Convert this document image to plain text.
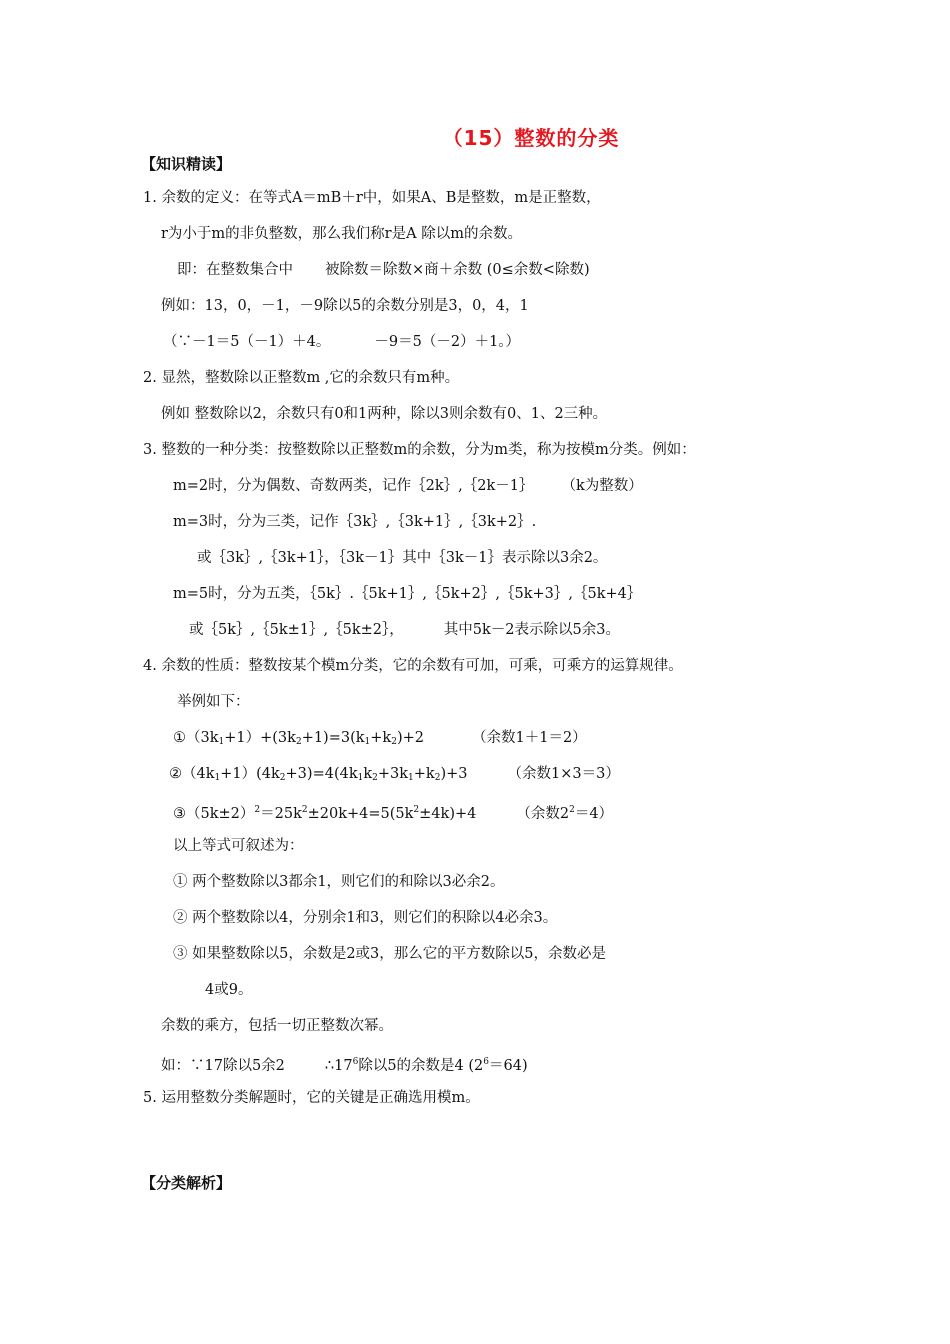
（15）整数的分类
【知识精读】
1. 余数的定义：在等式A＝mB＋r中，如果A、B是整数，m是正整数，
r为小于m的非负整数，那么我们称r是A 除以m的余数。
即：在整数集合中 被除数＝除数×商＋余数 (0≤余数<除数)
例如：13，0，－1，－9除以5的余数分别是3，0，4，1
（∵－1＝5（－1）＋4。	－9＝5（－2）＋1。）
2. 显然，整数除以正整数m ,它的余数只有m种。
例如 整数除以2，余数只有0和1两种，除以3则余数有0、1、2三种。
3. 整数的一种分类：按整数除以正整数m的余数，分为m类，称为按模m分类。例如：
m=2时，分为偶数、奇数两类，记作｛2k｝,｛2k－1｝ （k为整数）
m=3时，分为三类，记作｛3k｝,｛3k+1｝,｛3k+2｝.
或｛3k｝,｛3k+1｝，｛3k－1｝其中｛3k－1｝表示除以3余2。
m=5时，分为五类，｛5k｝.｛5k+1｝,｛5k+2｝,｛5k+3｝,｛5k+4｝
或｛5k｝,｛5k±1｝,｛5k±2｝，	其中5k－2表示除以5余3。
4. 余数的性质：整数按某个模m分类，它的余数有可加，可乘，可乘方的运算规律。
举例如下：
$①(3k_1+1)+(3k_2+1)=3(k_1+k_2)+2$	（余数1＋1＝2）
$②(4k_1+1)(4k_2+3)=4(4k_1k_2+3k_1+k_2)+3$	（余数1×3＝3）
$③(5k\pm 2)^2=25k^2\pm 20k+4=5(5k^2\pm 4k)+4$	（余数$2^2=4$）
以上等式可叙述为：
① 两个整数除以3都余1，则它们的和除以3必余2。
② 两个整数除以4，分别余1和3，则它们的积除以4必余3。
③ 如果整数除以5，余数是2或3，那么它的平方数除以5，余数必是
4或9。
余数的乘方，包括一切正整数次幂。
如：∵17除以5余2	$\therefore 17^6$除以5的余数是4 $(2^6=64)$
5. 运用整数分类解题时，它的关键是正确选用模m。
【分类解析】
